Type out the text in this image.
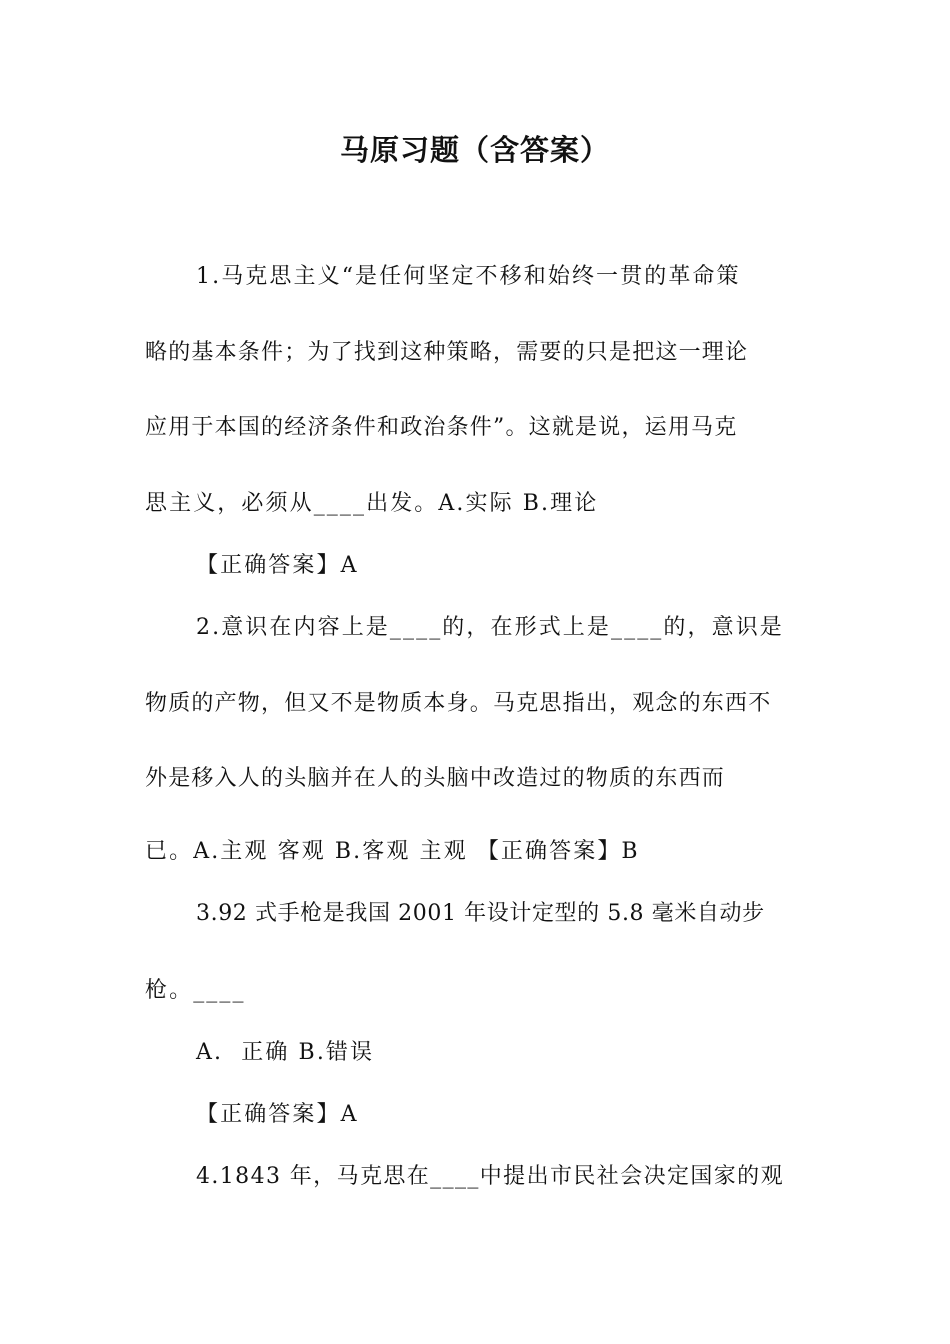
马原习题（含答案）
1.马克思主义“是任何坚定不移和始终一贯的革命策
略的基本条件；为了找到这种策略，需要的只是把这一理论
应用于本国的经济条件和政治条件”。这就是说，运用马克
思主义，必须从____出发。A.实际 B.理论
【正确答案】A
2.意识在内容上是____的，在形式上是____的，意识是
物质的产物，但又不是物质本身。马克思指出，观念的东西不
外是移入人的头脑并在人的头脑中改造过的物质的东西而
已。A.主观 客观 B.客观 主观 【正确答案】B
3.92 式手枪是我国 2001 年设计定型的 5.8 毫米自动步
枪。____
A.  正确 B.错误
【正确答案】A
4.1843 年，马克思在____中提出市民社会决定国家的观
